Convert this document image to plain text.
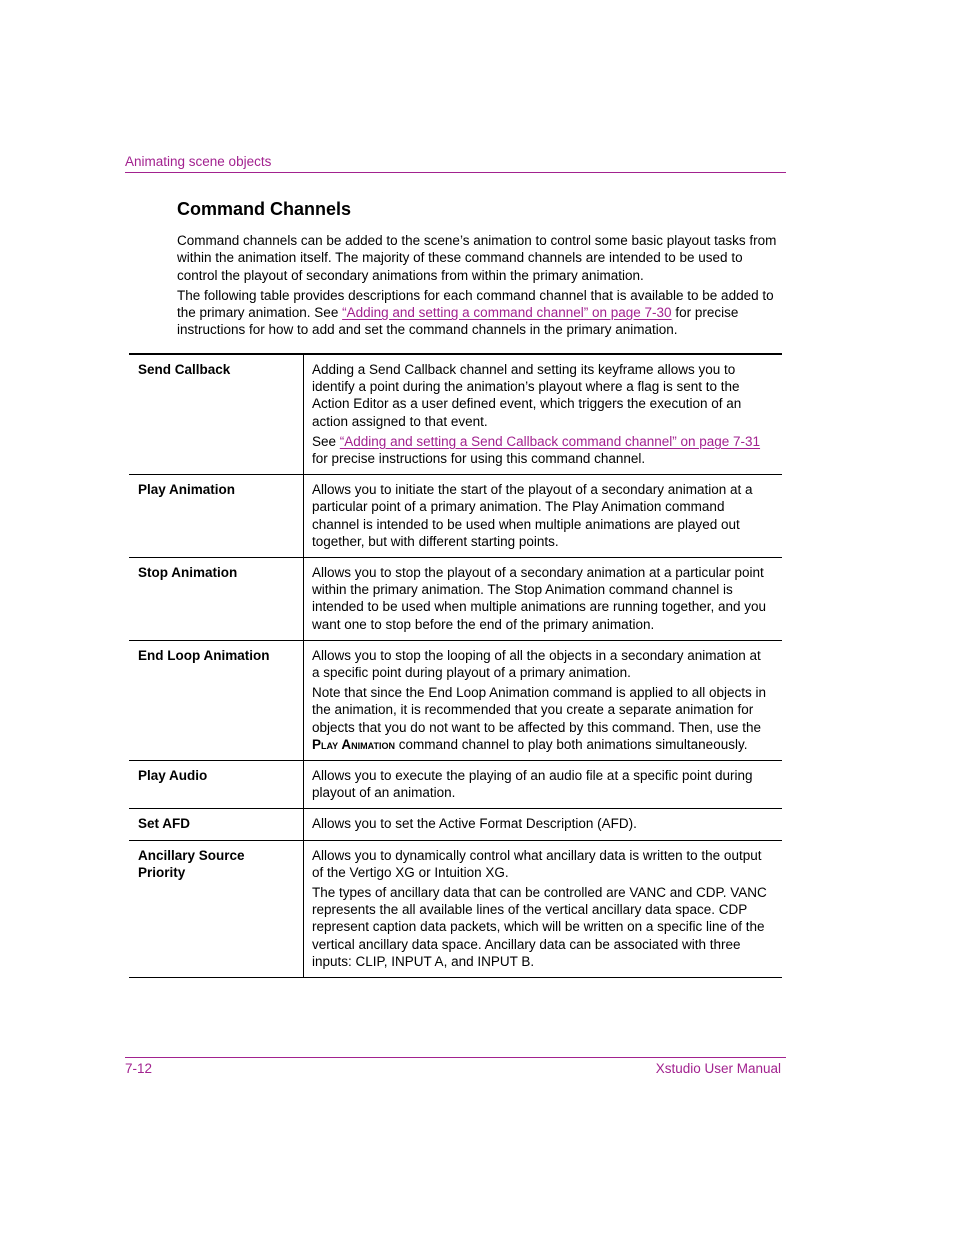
Animating scene objects
Command Channels

Command channels can be added to the scene’s animation to control some basic playout tasks from within the animation itself. The majority of these command channels are intended to be used to control the playout of secondary animations from within the primary animation.

The following table provides descriptions for each command channel that is available to be added to the primary animation. See “Adding and setting a command channel” on page 7-30 for precise instructions for how to add and set the command channels in the primary animation.

Send Callback	Adding a Send Callback channel and setting its keyframe allows you to identify a point during the animation’s playout where a flag is sent to the Action Editor as a user defined event, which triggers the execution of an action assigned to that event.

See “Adding and setting a Send Callback command channel” on page 7-31 for precise instructions for using this command channel.

Play Animation	Allows you to initiate the start of the playout of a secondary animation at a particular point of a primary animation. The Play Animation command channel is intended to be used when multiple animations are played out together, but with different starting points.

Stop Animation	Allows you to stop the playout of a secondary animation at a particular point within the primary animation. The Stop Animation command channel is intended to be used when multiple animations are running together, and you want one to stop before the end of the primary animation.

End Loop Animation	Allows you to stop the looping of all the objects in a secondary animation at a specific point during playout of a primary animation.

Note that since the End Loop Animation command is applied to all objects in the animation, it is recommended that you create a separate animation for objects that you do not want to be affected by this command. Then, use the Play Animation command channel to play both animations simultaneously.

Play Audio	Allows you to execute the playing of an audio file at a specific point during playout of an animation.

Set AFD	Allows you to set the Active Format Description (AFD).

Ancillary Source Priority	Allows you to dynamically control what ancillary data is written to the output of the Vertigo XG or Intuition XG.

The types of ancillary data that can be controlled are VANC and CDP. VANC represents the all available lines of the vertical ancillary data space. CDP represent caption data packets, which will be written on a specific line of the vertical ancillary data space. Ancillary data can be associated with three inputs: CLIP, INPUT A, and INPUT B.

7-12	Xstudio User Manual
